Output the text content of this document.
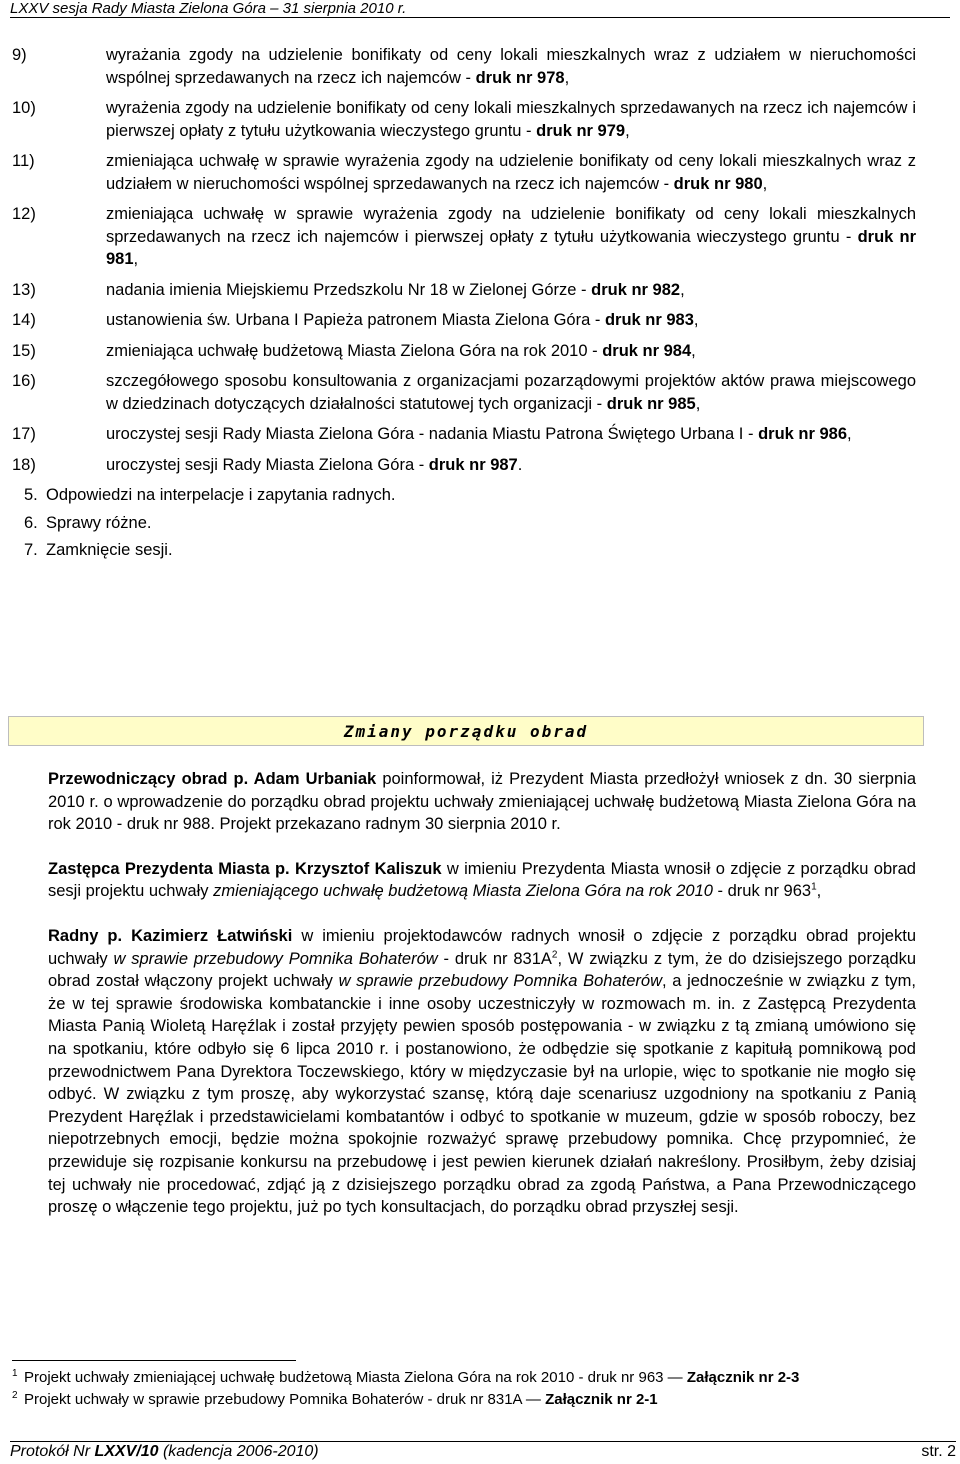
LXXV sesja Rady Miasta Zielona Góra – 31 sierpnia 2010 r.
9)	wyrażania zgody na udzielenie bonifikaty od ceny lokali mieszkalnych wraz z udziałem w nieruchomości wspólnej sprzedawanych na rzecz ich najemców - druk nr 978,
10)	wyrażenia zgody na udzielenie bonifikaty od ceny lokali mieszkalnych sprzedawanych na rzecz ich najemców i pierwszej opłaty z tytułu użytkowania wieczystego gruntu - druk nr 979,
11)	zmieniająca uchwałę w sprawie wyrażenia zgody na udzielenie bonifikaty od ceny lokali mieszkalnych wraz z udziałem w nieruchomości wspólnej sprzedawanych na rzecz ich najemców - druk nr 980,
12)	zmieniająca uchwałę w sprawie wyrażenia zgody na udzielenie bonifikaty od ceny lokali mieszkalnych sprzedawanych na rzecz ich najemców i pierwszej opłaty z tytułu użytkowania wieczystego gruntu - druk nr 981,
13)	nadania imienia Miejskiemu Przedszkolu Nr 18 w Zielonej Górze - druk nr 982,
14)	ustanowienia św. Urbana I Papieża patronem Miasta Zielona Góra - druk nr 983,
15)	zmieniająca uchwałę budżetową Miasta Zielona Góra na rok 2010 - druk nr 984,
16)	szczegółowego sposobu konsultowania z organizacjami pozarządowymi projektów aktów prawa miejscowego w dziedzinach dotyczących działalności statutowej tych organizacji - druk nr 985,
17)	uroczystej sesji Rady Miasta Zielona Góra - nadania Miastu Patrona Świętego Urbana I - druk nr 986,
18)	uroczystej sesji Rady Miasta Zielona Góra - druk nr 987.
5. Odpowiedzi na interpelacje i zapytania radnych.
6. Sprawy różne.
7. Zamknięcie sesji.
Zmiany porządku obrad

Przewodniczący obrad p. Adam Urbaniak poinformował, iż Prezydent Miasta przedłożył wniosek z dn. 30 sierpnia 2010 r. o wprowadzenie do porządku obrad projektu uchwały zmieniającej uchwałę budżetową Miasta Zielona Góra na rok 2010 - druk nr 988. Projekt przekazano radnym 30 sierpnia 2010 r.

Zastępca Prezydenta Miasta p. Krzysztof Kaliszuk w imieniu Prezydenta Miasta wnosił o zdjęcie z porządku obrad sesji projektu uchwały zmieniającego uchwałę budżetową Miasta Zielona Góra na rok 2010 - druk nr $963^1$,

Radny p. Kazimierz Łatwiński w imieniu projektodawców radnych wnosił o zdjęcie z porządku obrad projektu uchwały w sprawie przebudowy Pomnika Bohaterów - druk nr $831A^2$, W związku z tym, że do dzisiejszego porządku obrad został włączony projekt uchwały w sprawie przebudowy Pomnika Bohaterów, a jednocześnie w związku z tym, że w tej sprawie środowiska kombatanckie i inne osoby uczestniczyły w rozmowach m. in. z Zastępcą Prezydenta Miasta Panią Wioletą Haręźlak i został przyjęty pewien sposób postępowania - w związku z tą zmianą umówiono się na spotkaniu, które odbyło się 6 lipca 2010 r. i postanowiono, że odbędzie się spotkanie z kapitułą pomnikową pod przewodnictwem Pana Dyrektora Toczewskiego, który w międzyczasie był na urlopie, więc to spotkanie nie mogło się odbyć. W związku z tym proszę, aby wykorzystać szansę, którą daje scenariusz uzgodniony na spotkaniu z Panią Prezydent Haręźlak i przedstawicielami kombatantów i odbyć to spotkanie w muzeum, gdzie w sposób roboczy, bez niepotrzebnych emocji, będzie można spokojnie rozważyć sprawę przebudowy pomnika. Chcę przypomnieć, że przewiduje się rozpisanie konkursu na przebudowę i jest pewien kierunek działań nakreślony. Prosiłbym, żeby dzisiaj tej uchwały nie procedować, zdjąć ją z dzisiejszego porządku obrad za zgodą Państwa, a Pana Przewodniczącego proszę o włączenie tego projektu, już po tych konsultacjach, do porządku obrad przyszłej sesji.

1 Projekt uchwały zmieniającej uchwałę budżetową Miasta Zielona Góra na rok 2010 - druk nr 963 — Załącznik nr 2-3
2 Projekt uchwały w sprawie przebudowy Pomnika Bohaterów - druk nr 831A — Załącznik nr 2-1
Protokół Nr LXXV/10 (kadencja 2006-2010)	str. 2
